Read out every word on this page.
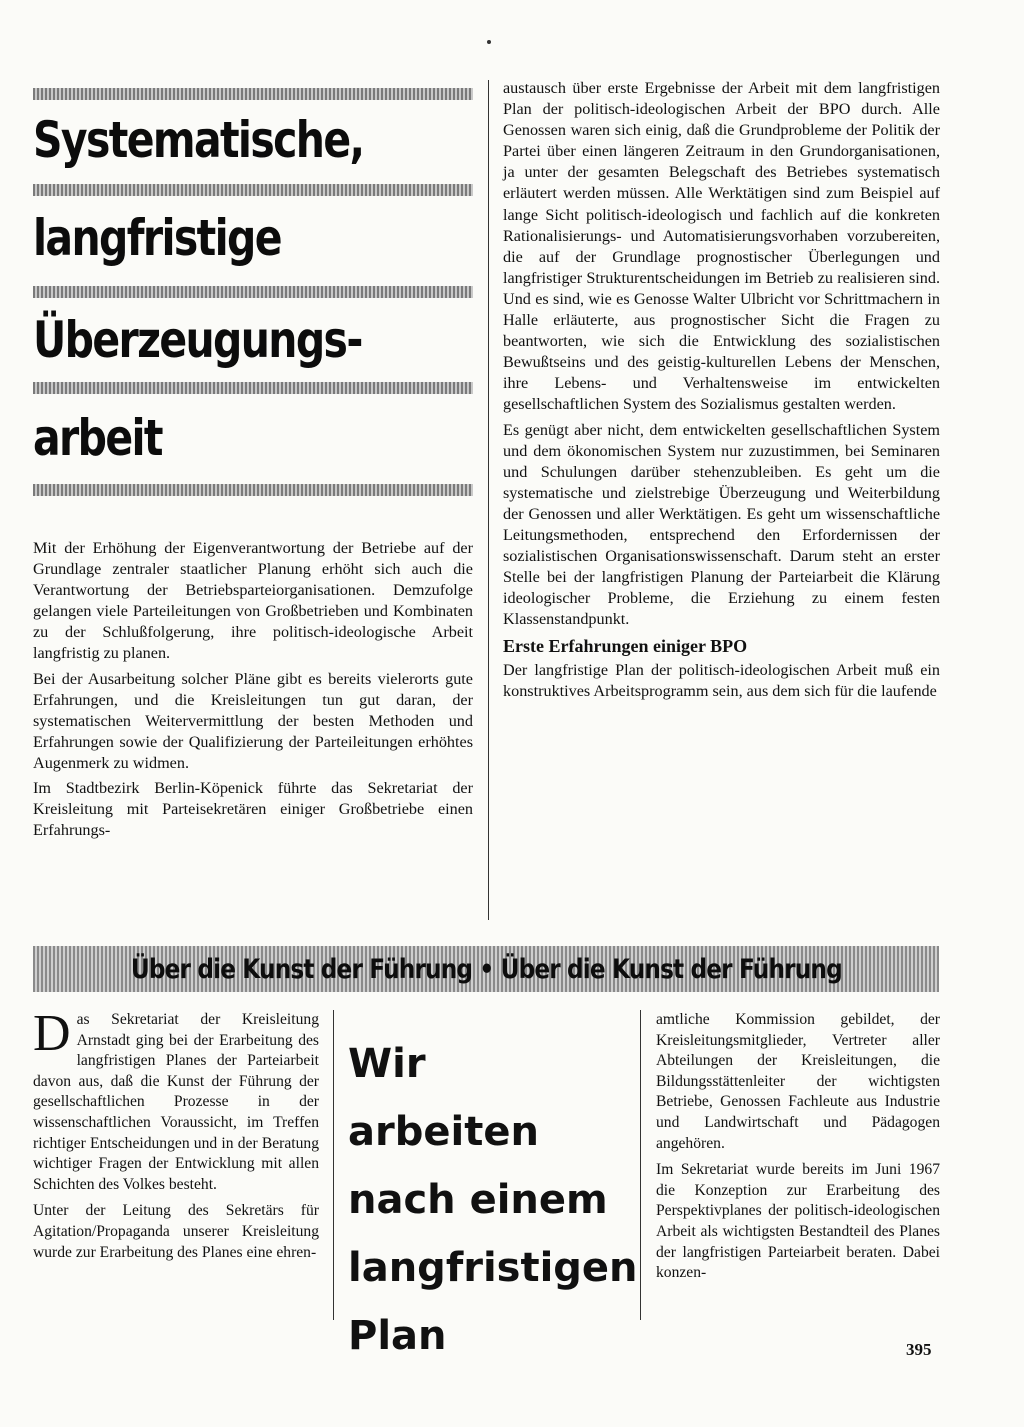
Systematische,
langfristige
Überzeugungs-
arbeit

Mit der Erhöhung der Eigenverantwortung der Betriebe auf der Grundlage zentraler staatlicher Planung erhöht sich auch die Verantwortung der Betriebsparteiorganisationen. Demzufolge gelangen viele Parteileitungen von Großbetrieben und Kombinaten zu der Schlußfolgerung, ihre politisch-ideologische Arbeit langfristig zu planen.

Bei der Ausarbeitung solcher Pläne gibt es bereits vielerorts gute Erfahrungen, und die Kreisleitungen tun gut daran, der systematischen Weitervermittlung der besten Methoden und Erfahrungen sowie der Qualifizierung der Parteileitungen erhöhtes Augenmerk zu widmen.

Im Stadtbezirk Berlin-Köpenick führte das Sekretariat der Kreisleitung mit Parteisekretären einiger Großbetriebe einen Erfahrungs-

austausch über erste Ergebnisse der Arbeit mit dem langfristigen Plan der politisch-ideologischen Arbeit der BPO durch. Alle Genossen waren sich einig, daß die Grundprobleme der Politik der Partei über einen längeren Zeitraum in den Grundorganisationen, ja unter der gesamten Belegschaft des Betriebes systematisch erläutert werden müssen. Alle Werktätigen sind zum Beispiel auf lange Sicht politisch-ideologisch und fachlich auf die konkreten Rationalisierungs- und Automatisierungsvorhaben vorzubereiten, die auf der Grundlage prognostischer Überlegungen und langfristiger Strukturentscheidungen im Betrieb zu realisieren sind. Und es sind, wie es Genosse Walter Ulbricht vor Schrittmachern in Halle erläuterte, aus prognostischer Sicht die Fragen zu beantworten, wie sich die Entwicklung des sozialistischen Bewußtseins und des geistig-kulturellen Lebens der Menschen, ihre Lebens- und Verhaltensweise im entwickelten gesellschaftlichen System des Sozialismus gestalten werden.

Es genügt aber nicht, dem entwickelten gesellschaftlichen System und dem ökonomischen System nur zuzustimmen, bei Seminaren und Schulungen darüber stehenzubleiben. Es geht um die systematische und zielstrebige Überzeugung und Weiterbildung der Genossen und aller Werktätigen. Es geht um wissenschaftliche Leitungsmethoden, entsprechend den Erfordernissen der sozialistischen Organisationswissenschaft. Darum steht an erster Stelle bei der langfristigen Planung der Parteiarbeit die Klärung ideologischer Probleme, die Erziehung zu einem festen Klassenstandpunkt.

Erste Erfahrungen einiger BPO

Der langfristige Plan der politisch-ideologischen Arbeit muß ein konstruktives Arbeitsprogramm sein, aus dem sich für die laufende

Über die Kunst der Führung • Über die Kunst der Führung

Das Sekretariat der Kreisleitung Arnstadt ging bei der Erarbeitung des langfristigen Planes der Parteiarbeit davon aus, daß die Kunst der Führung der gesellschaftlichen Prozesse in der wissenschaftlichen Voraussicht, im Treffen richtiger Entscheidungen und in der Beratung wichtiger Fragen der Entwicklung mit allen Schichten des Volkes besteht.

Unter der Leitung des Sekretärs für Agitation/Propaganda unserer Kreisleitung wurde zur Erarbeitung des Planes eine ehren-

Wir arbeiten
nach einem
langfristigen
Plan

amtliche Kommission gebildet, der Kreisleitungsmitglieder, Vertreter aller Abteilungen der Kreisleitungen, die Bildungsstättenleiter der wichtigsten Betriebe, Genossen Fachleute aus Industrie und Landwirtschaft und Pädagogen angehören.

Im Sekretariat wurde bereits im Juni 1967 die Konzeption zur Erarbeitung des Perspektivplanes der politisch-ideologischen Arbeit als wichtigsten Bestandteil des Planes der langfristigen Parteiarbeit beraten. Dabei konzen-

395
